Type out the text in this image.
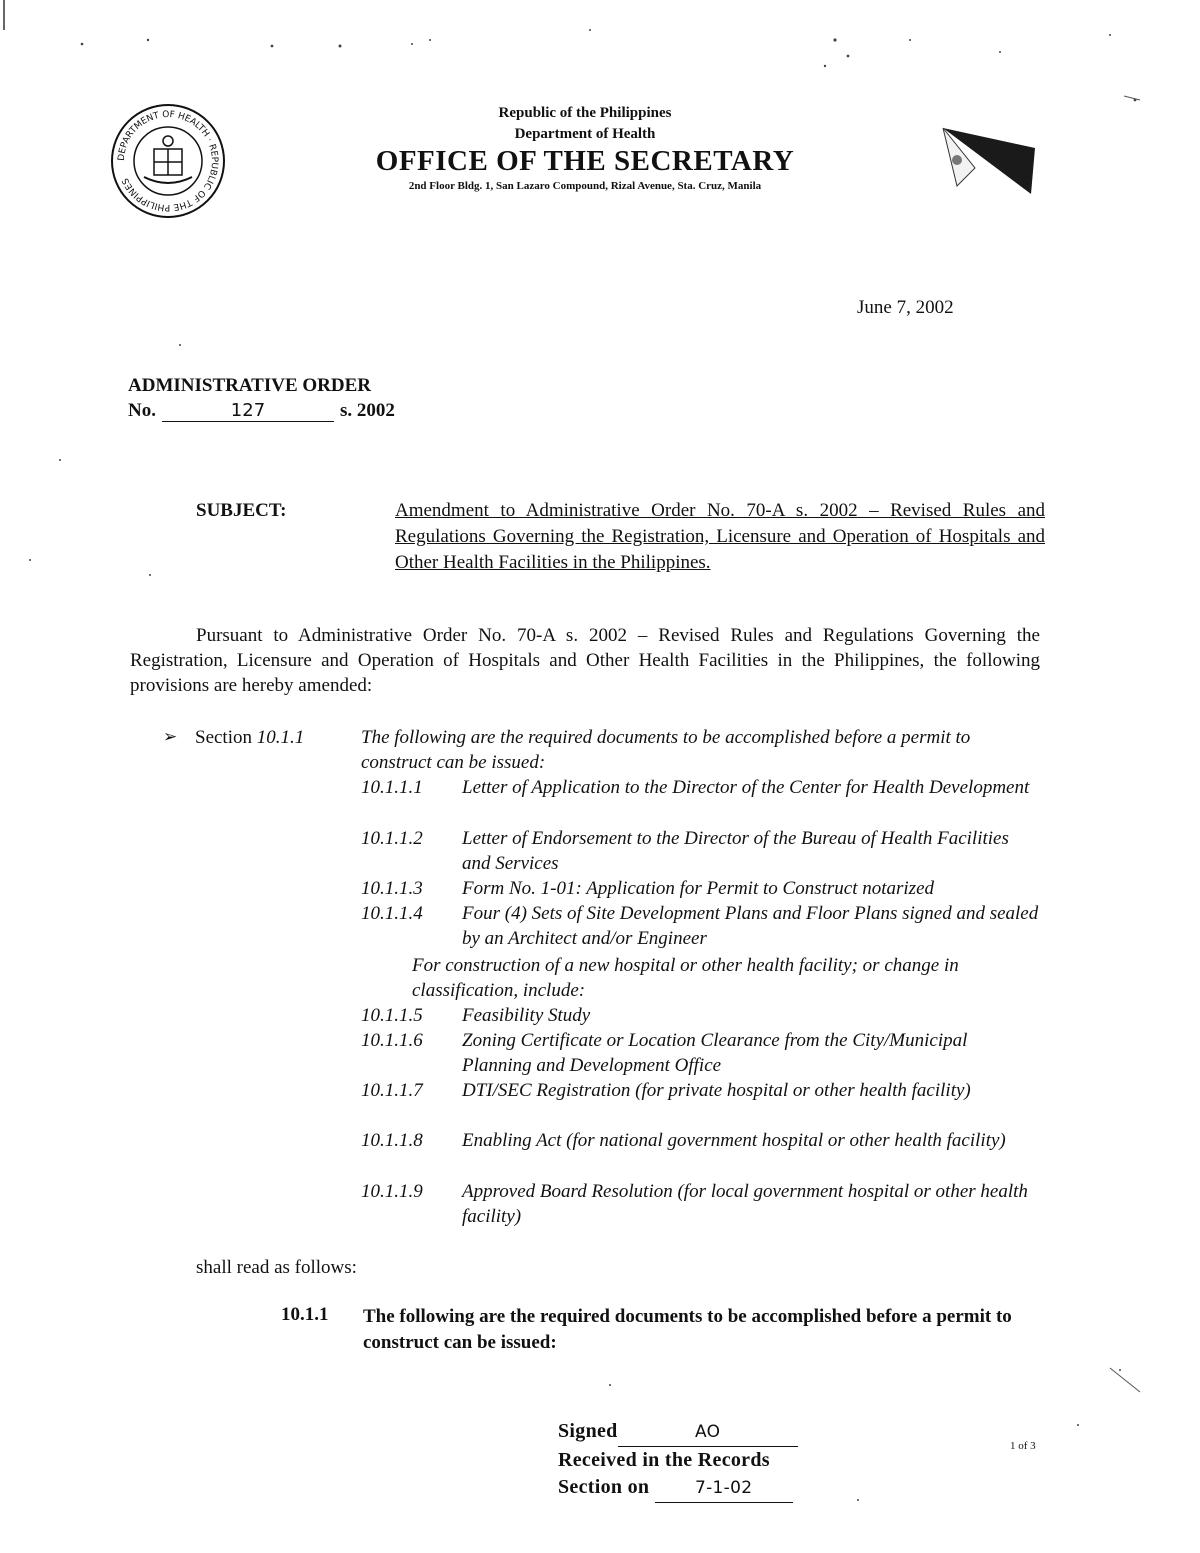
DEPARTMENT OF HEALTH · REPUBLIC OF THE PHILIPPINES
Republic of the Philippines
Department of Health
OFFICE OF THE SECRETARY
2nd Floor Bldg. 1, San Lazaro Compound, Rizal Avenue, Sta. Cruz, Manila
June 7, 2002
ADMINISTRATIVE ORDER
No.	127	s. 2002
SUBJECT:	Amendment to Administrative Order No. 70-A s. 2002 – Revised Rules and Regulations Governing the Registration, Licensure and Operation of Hospitals and Other Health Facilities in the Philippines.
Pursuant to Administrative Order No. 70-A s. 2002 – Revised Rules and Regulations Governing the Registration, Licensure and Operation of Hospitals and Other Health Facilities in the Philippines, the following provisions are hereby amended:
➢ Section 10.1.1	The following are the required documents to be accomplished before a permit to construct can be issued:
10.1.1.1	Letter of Application to the Director of the Center for Health Development
10.1.1.2	Letter of Endorsement to the Director of the Bureau of Health Facilities and Services
10.1.1.3	Form No. 1-01: Application for Permit to Construct notarized
10.1.1.4	Four (4) Sets of Site Development Plans and Floor Plans signed and sealed by an Architect and/or Engineer
For construction of a new hospital or other health facility; or change in classification, include:
10.1.1.5	Feasibility Study
10.1.1.6	Zoning Certificate or Location Clearance from the City/Municipal Planning and Development Office
10.1.1.7	DTI/SEC Registration (for private hospital or other health facility)
10.1.1.8	Enabling Act (for national government hospital or other health facility)
10.1.1.9	Approved Board Resolution (for local government hospital or other health facility)
shall read as follows:
10.1.1 The following are the required documents to be accomplished before a permit to construct can be issued:
Signed	AO
Received in the Records
Section on	7-1-02
1 of 3
